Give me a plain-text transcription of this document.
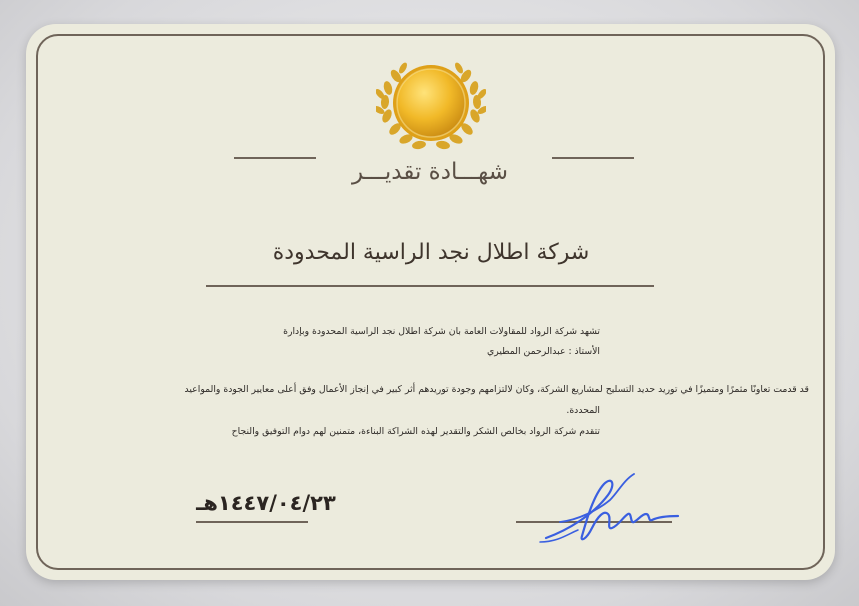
شهـــادة تقديـــر
شركة اطلال نجد الراسية المحدودة
تشهد شركة الرواد للمقاولات العامة بان شركة اطلال نجد الراسية المحدودة وبإدارة
الأستاذ : عبدالرحمن المطيري
قد قدمت تعاونًا مثمرًا ومتميزًا في توريد حديد التسليح لمشاريع الشركة، وكان لالتزامهم وجودة توريدهم أثر كبير في إنجاز الأعمال وفق أعلى معايير الجودة والمواعيد
المحددة.
تتقدم شركة الرواد بخالص الشكر والتقدير لهذه الشراكة البناءة، متمنين لهم دوام التوفيق والنجاح
١٤٤٧/٠٤/٢٣هـ
